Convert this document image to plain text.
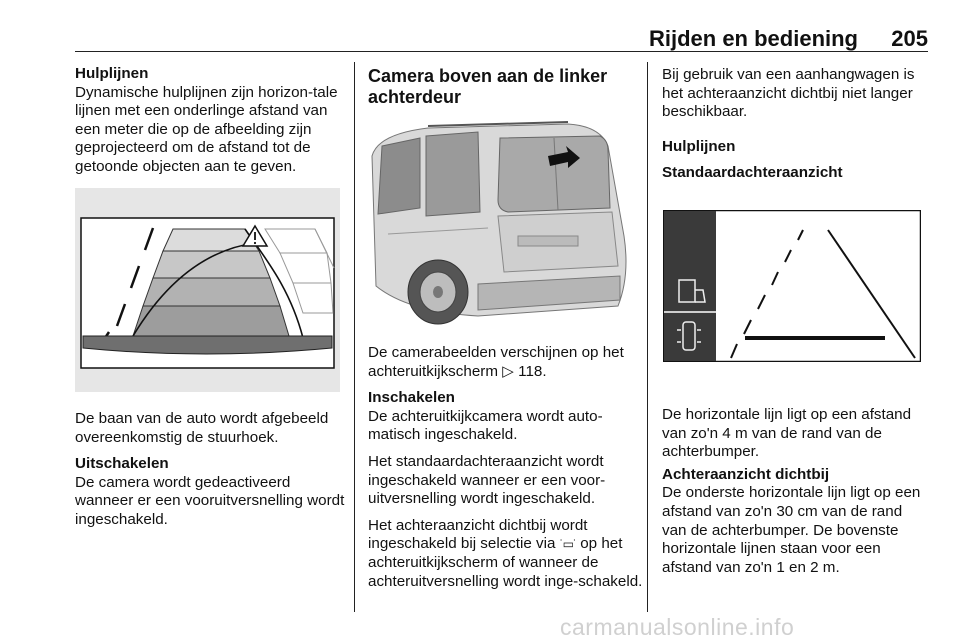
Rijden en bediening 205
Hulplijnen
Dynamische hulplijnen zijn horizon-tale lijnen met een onderlinge afstand van een meter die op de afbeelding zijn geprojecteerd om de afstand tot de getoonde objecten aan te geven.

De baan van de auto wordt afgebeeld overeenkomstig de stuurhoek.

Uitschakelen
De camera wordt gedeactiveerd wanneer er een vooruitversnelling wordt ingeschakeld.
Camera boven aan de linker achterdeur

De camerabeelden verschijnen op het achteruitkijkscherm ▷ 118.

Inschakelen

De achteruitkijkcamera wordt auto-matisch ingeschakeld.

Het standaardachteraanzicht wordt ingeschakeld wanneer er een voor-uitversnelling wordt ingeschakeld.

Het achteraanzicht dichtbij wordt ingeschakeld bij selectie via ˙▭˙ op het achteruitkijkscherm of wanneer de achteruitversnelling wordt inge-schakeld.

Bij gebruik van een aanhangwagen is het achteraanzicht dichtbij niet langer beschikbaar.

Hulplijnen
Standaardachteraanzicht
De horizontale lijn ligt op een afstand van zo'n 4 m van de rand van de achterbumper.
Achteraanzicht dichtbij
De onderste horizontale lijn ligt op een afstand van zo'n 30 cm van de rand van de achterbumper. De bovenste horizontale lijnen staan voor een afstand van zo'n 1 en 2 m.
carmanualsonline.info
